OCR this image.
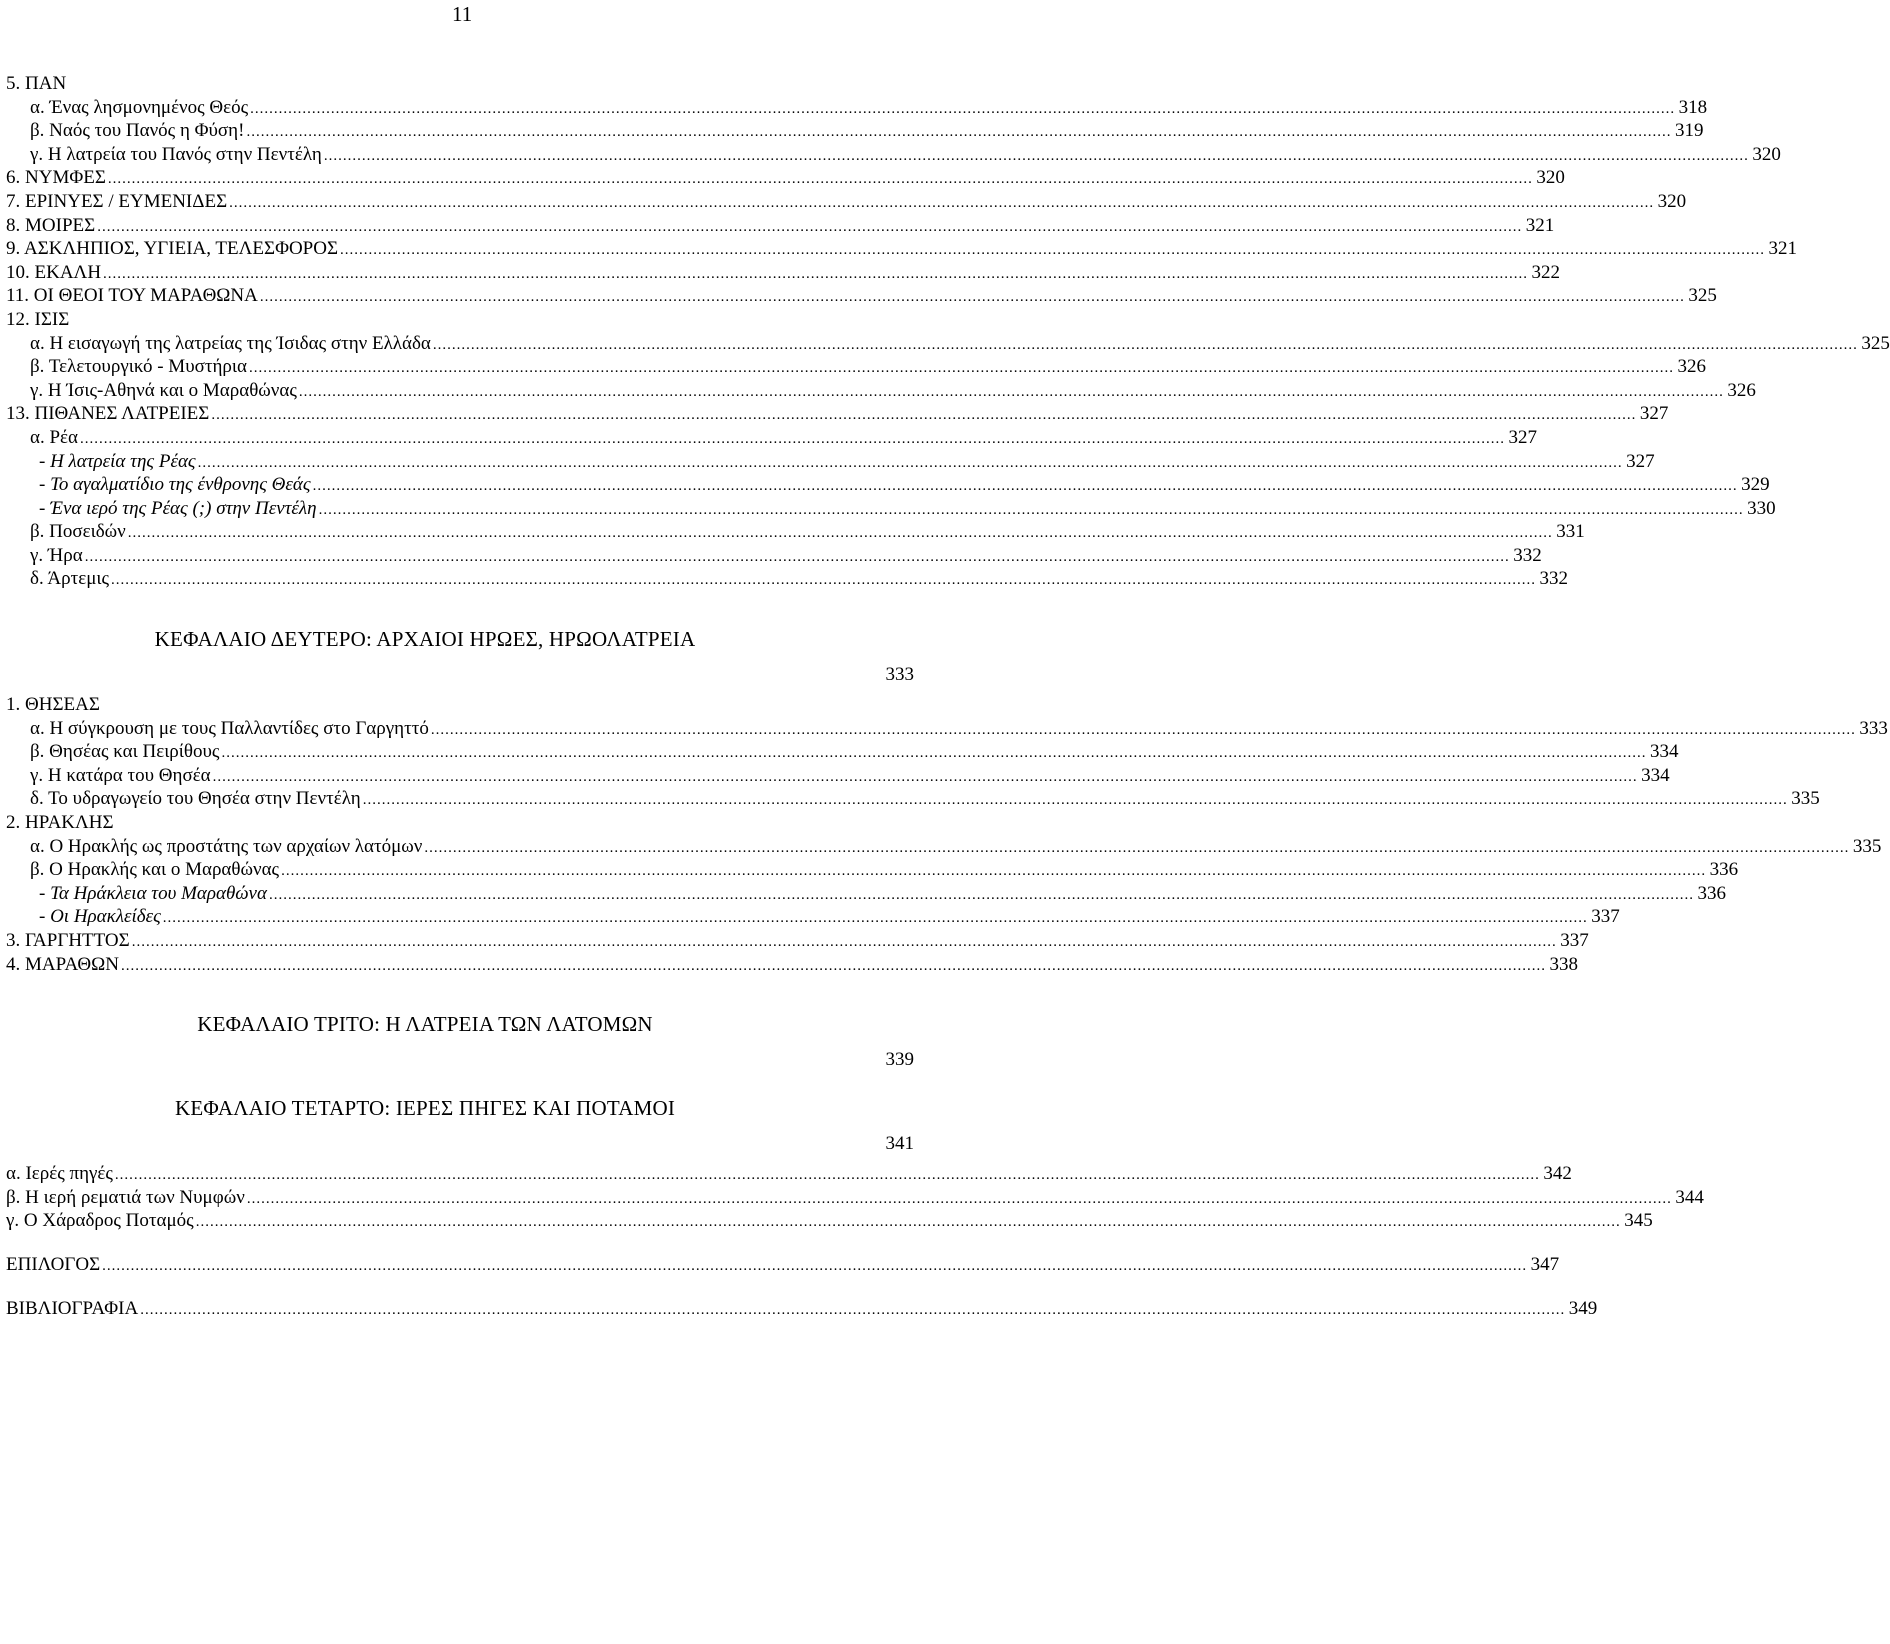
11
5. ΠΑΝ
α. Ένας λησμονημένος Θεός ............................................................................................................................................................................................................................................................................................................ 318
β. Ναός του Πανός η Φύση! ............................................................................................................................................................................................................................................................................................................ 319
γ. Η λατρεία του Πανός στην Πεντέλη ............................................................................................................................................................................................................................................................................................................ 320
6. ΝΥΜΦΕΣ ............................................................................................................................................................................................................................................................................................................ 320
7. ΕΡΙΝΥΕΣ / ΕΥΜΕΝΙΔΕΣ ............................................................................................................................................................................................................................................................................................................ 320
8. ΜΟΙΡΕΣ ............................................................................................................................................................................................................................................................................................................ 321
9. ΑΣΚΛΗΠΙΟΣ, ΥΓΙΕΙΑ, ΤΕΛΕΣΦΟΡΟΣ ............................................................................................................................................................................................................................................................................................................ 321
10. ΕΚΑΛΗ ............................................................................................................................................................................................................................................................................................................ 322
11. ΟΙ ΘΕΟΙ ΤΟΥ ΜΑΡΑΘΩΝΑ ............................................................................................................................................................................................................................................................................................................ 325
12. ΙΣΙΣ
α. Η εισαγωγή της λατρείας της Ίσιδας στην Ελλάδα ............................................................................................................................................................................................................................................................................................................ 325
β. Τελετουργικό - Μυστήρια ............................................................................................................................................................................................................................................................................................................ 326
γ. Η Ίσις-Αθηνά και ο Μαραθώνας ............................................................................................................................................................................................................................................................................................................ 326
13. ΠΙΘΑΝΕΣ ΛΑΤΡΕΙΕΣ ............................................................................................................................................................................................................................................................................................................ 327
α. Ρέα ............................................................................................................................................................................................................................................................................................................ 327
- Η λατρεία της Ρέας ............................................................................................................................................................................................................................................................................................................ 327
- Το αγαλματίδιο της ένθρονης Θεάς ............................................................................................................................................................................................................................................................................................................ 329
- Ένα ιερό της Ρέας (;) στην Πεντέλη ............................................................................................................................................................................................................................................................................................................ 330
β. Ποσειδών ............................................................................................................................................................................................................................................................................................................ 331
γ. Ήρα ............................................................................................................................................................................................................................................................................................................ 332
δ. Άρτεμις ............................................................................................................................................................................................................................................................................................................ 332
ΚΕΦΑΛΑΙΟ ΔΕΥΤΕΡΟ: ΑΡΧΑΙΟΙ ΗΡΩΕΣ, ΗΡΩΟΛΑΤΡΕΙΑ
333
1. ΘΗΣΕΑΣ
α. Η σύγκρουση με τους Παλλαντίδες στο Γαργηττό ............................................................................................................................................................................................................................................................................................................ 333
β. Θησέας και Πειρίθους ............................................................................................................................................................................................................................................................................................................ 334
γ. Η κατάρα του Θησέα ............................................................................................................................................................................................................................................................................................................ 334
δ. Το υδραγωγείο του Θησέα στην Πεντέλη ............................................................................................................................................................................................................................................................................................................ 335
2. ΗΡΑΚΛΗΣ
α. Ο Ηρακλής ως προστάτης των αρχαίων λατόμων ............................................................................................................................................................................................................................................................................................................ 335
β. Ο Ηρακλής και ο Μαραθώνας ............................................................................................................................................................................................................................................................................................................ 336
- Τα Ηράκλεια του Μαραθώνα ............................................................................................................................................................................................................................................................................................................ 336
- Οι Ηρακλείδες ............................................................................................................................................................................................................................................................................................................ 337
3. ΓΑΡΓΗΤΤΟΣ ............................................................................................................................................................................................................................................................................................................ 337
4. ΜΑΡΑΘΩΝ ............................................................................................................................................................................................................................................................................................................ 338
ΚΕΦΑΛΑΙΟ ΤΡΙΤΟ: Η ΛΑΤΡΕΙΑ ΤΩΝ ΛΑΤΟΜΩΝ
339
ΚΕΦΑΛΑΙΟ ΤΕΤΑΡΤΟ: ΙΕΡΕΣ ΠΗΓΕΣ ΚΑΙ ΠΟΤΑΜΟΙ
341
α. Ιερές πηγές ............................................................................................................................................................................................................................................................................................................ 342
β. Η ιερή ρεματιά των Νυμφών ............................................................................................................................................................................................................................................................................................................ 344
γ. Ο Χάραδρος Ποταμός ............................................................................................................................................................................................................................................................................................................ 345
ΕΠΙΛΟΓΟΣ ............................................................................................................................................................................................................................................................................................................ 347
ΒΙΒΛΙΟΓΡΑΦΙΑ ............................................................................................................................................................................................................................................................................................................ 349
